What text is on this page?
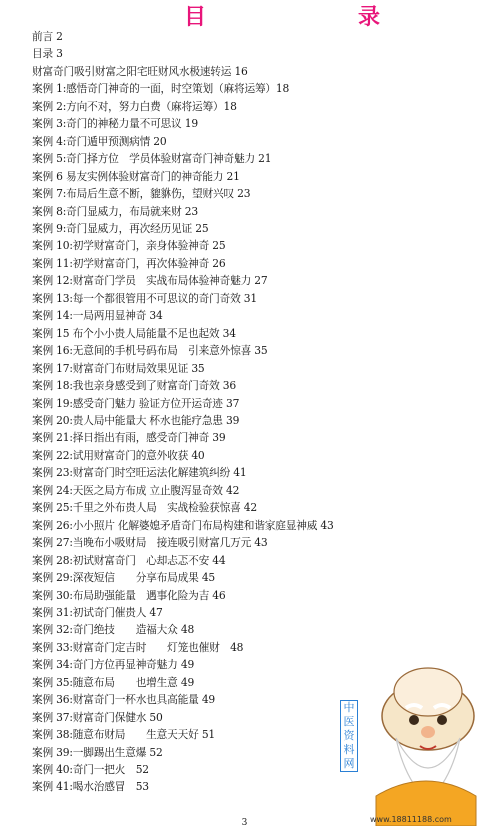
目	录
前言 2
目录 3
财富奇门吸引财富之阳宅旺财风水极速转运 16
案例 1:感悟奇门神奇的一面，时空策划（麻将运筹）18
案例 2:方向不对，努力白费（麻将运筹）18
案例 3:奇门的神秘力量不可思议 19
案例 4:奇门遁甲预测病情 20
案例 5:奇门择方位　学员体验财富奇门神奇魅力 21
案例 6 易友实例体验财富奇门的神奇能力 21
案例 7:布局后生意不断，貔貅伤，望财兴叹 23
案例 8:奇门显威力，布局就来财 23
案例 9:奇门显威力，再次经历见证 25
案例 10:初学财富奇门，亲身体验神奇 25
案例 11:初学财富奇门，再次体验神奇 26
案例 12:财富奇门学员　实战布局体验神奇魅力 27
案例 13:每一个都很管用不可思议的奇门奇效 31
案例 14:一局两用显神奇 34
案例 15 布个小小贵人局能量不足也起效 34
案例 16:无意间的手机号码布局　引来意外惊喜 35
案例 17:财富奇门布财局效果见证 35
案例 18:我也亲身感受到了财富奇门奇效 36
案例 19:感受奇门魅力 验证方位开运奇迹 37
案例 20:贵人局中能量大 杯水也能疗急患 39
案例 21:择日指出有雨，感受奇门神奇 39
案例 22:试用财富奇门的意外收获 40
案例 23:财富奇门时空旺运法化解建筑纠纷 41
案例 24:天医之局方布成 立止腹泻显奇效 42
案例 25:千里之外布贵人局　实战检验获惊喜 42
案例 26:小小照片 化解婆媳矛盾奇门布局构建和谐家庭显神威 43
案例 27:当晚布小吸财局　接连吸引财富几万元 43
案例 28:初试财富奇门　心却忐忑不安 44
案例 29:深夜短信　　分享布局成果 45
案例 30:布局助强能量　遇事化险为吉 46
案例 31:初试奇门催贵人 47
案例 32:奇门绝技　　造福大众 48
案例 33:财富奇门定吉时　　灯笼也催财　48
案例 34:奇门方位再显神奇魅力 49
案例 35:随意布局　　也增生意 49
案例 36:财富奇门一杯水也具高能量 49
案例 37:财富奇门保健水 50
案例 38:随意布财局　　生意天天好 51
案例 39:一脚踢出生意爆 52
案例 40:奇门一把火　52
案例 41:喝水治感冒　53
中医资料网
www.18811188.com
3
